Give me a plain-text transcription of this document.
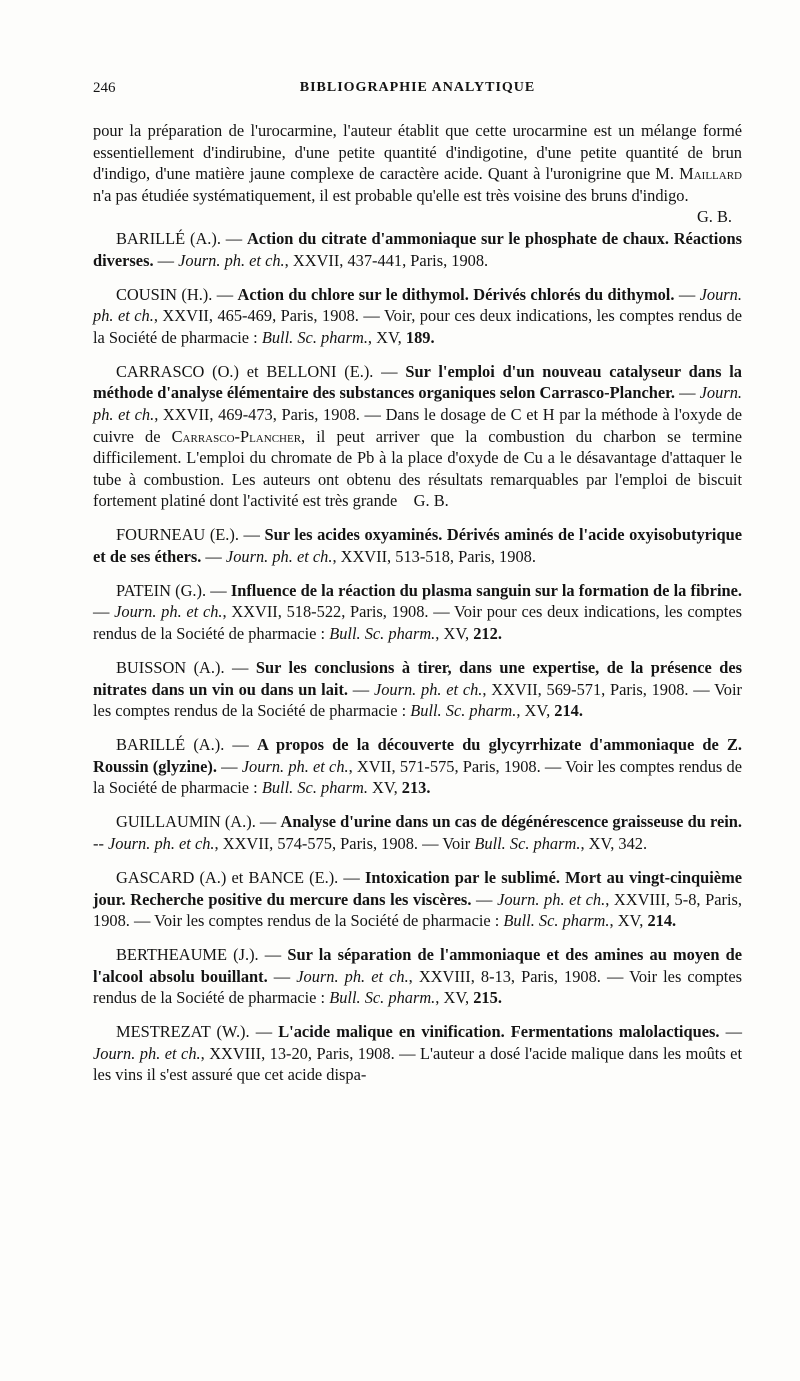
246	BIBLIOGRAPHIE ANALYTIQUE

pour la préparation de l'urocarmine, l'auteur établit que cette urocarmine est un mélange formé essentiellement d'indirubine, d'une petite quantité d'indigotine, d'une petite quantité de brun d'indigo, d'une matière jaune complexe de caractère acide. Quant à l'uronigrine que M. Maillard n'a pas étudiée systématiquement, il est probable qu'elle est très voisine des bruns d'indigo.

G. B.

BARILLÉ (A.). — Action du citrate d'ammoniaque sur le phosphate de chaux. Réactions diverses. — Journ. ph. et ch., XXVII, 437-441, Paris, 1908.

COUSIN (H.). — Action du chlore sur le dithymol. Dérivés chlorés du dithymol. — Journ. ph. et ch., XXVII, 465-469, Paris, 1908. — Voir, pour ces deux indications, les comptes rendus de la Société de pharmacie : Bull. Sc. pharm., XV, 189.

CARRASCO (O.) et BELLONI (E.). — Sur l'emploi d'un nouveau catalyseur dans la méthode d'analyse élémentaire des substances organiques selon Carrasco-Plancher. — Journ. ph. et ch., XXVII, 469-473, Paris, 1908. — Dans le dosage de C et H par la méthode à l'oxyde de cuivre de Carrasco-Plancher, il peut arriver que la combustion du charbon se termine difficilement. L'emploi du chromate de Pb à la place d'oxyde de Cu a le désavantage d'attaquer le tube à combustion. Les auteurs ont obtenu des résultats remarquables par l'emploi de biscuit fortement platiné dont l'activité est très grande G. B.

FOURNEAU (E.). — Sur les acides oxyaminés. Dérivés aminés de l'acide oxyisobutyrique et de ses éthers. — Journ. ph. et ch., XXVII, 513-518, Paris, 1908.

PATEIN (G.). — Influence de la réaction du plasma sanguin sur la formation de la fibrine. — Journ. ph. et ch., XXVII, 518-522, Paris, 1908. — Voir pour ces deux indications, les comptes rendus de la Société de pharmacie : Bull. Sc. pharm., XV, 212.

BUISSON (A.). — Sur les conclusions à tirer, dans une expertise, de la présence des nitrates dans un vin ou dans un lait. — Journ. ph. et ch., XXVII, 569-571, Paris, 1908. — Voir les comptes rendus de la Société de pharmacie : Bull. Sc. pharm., XV, 214.

BARILLÉ (A.). — A propos de la découverte du glycyrrhizate d'ammoniaque de Z. Roussin (glyzine). — Journ. ph. et ch., XVII, 571-575, Paris, 1908. — Voir les comptes rendus de la Société de pharmacie : Bull. Sc. pharm. XV, 213.

GUILLAUMIN (A.). — Analyse d'urine dans un cas de dégénérescence graisseuse du rein. -- Journ. ph. et ch., XXVII, 574-575, Paris, 1908. — Voir Bull. Sc. pharm., XV, 342.

GASCARD (A.) et BANCE (E.). — Intoxication par le sublimé. Mort au vingt-cinquième jour. Recherche positive du mercure dans les viscères. — Journ. ph. et ch., XXVIII, 5-8, Paris, 1908. — Voir les comptes rendus de la Société de pharmacie : Bull. Sc. pharm., XV, 214.

BERTHEAUME (J.). — Sur la séparation de l'ammoniaque et des amines au moyen de l'alcool absolu bouillant. — Journ. ph. et ch., XXVIII, 8-13, Paris, 1908. — Voir les comptes rendus de la Société de pharmacie : Bull. Sc. pharm., XV, 215.

MESTREZAT (W.). — L'acide malique en vinification. Fermentations malolactiques. — Journ. ph. et ch., XXVIII, 13-20, Paris, 1908. — L'auteur a dosé l'acide malique dans les moûts et les vins il s'est assuré que cet acide dispa-
